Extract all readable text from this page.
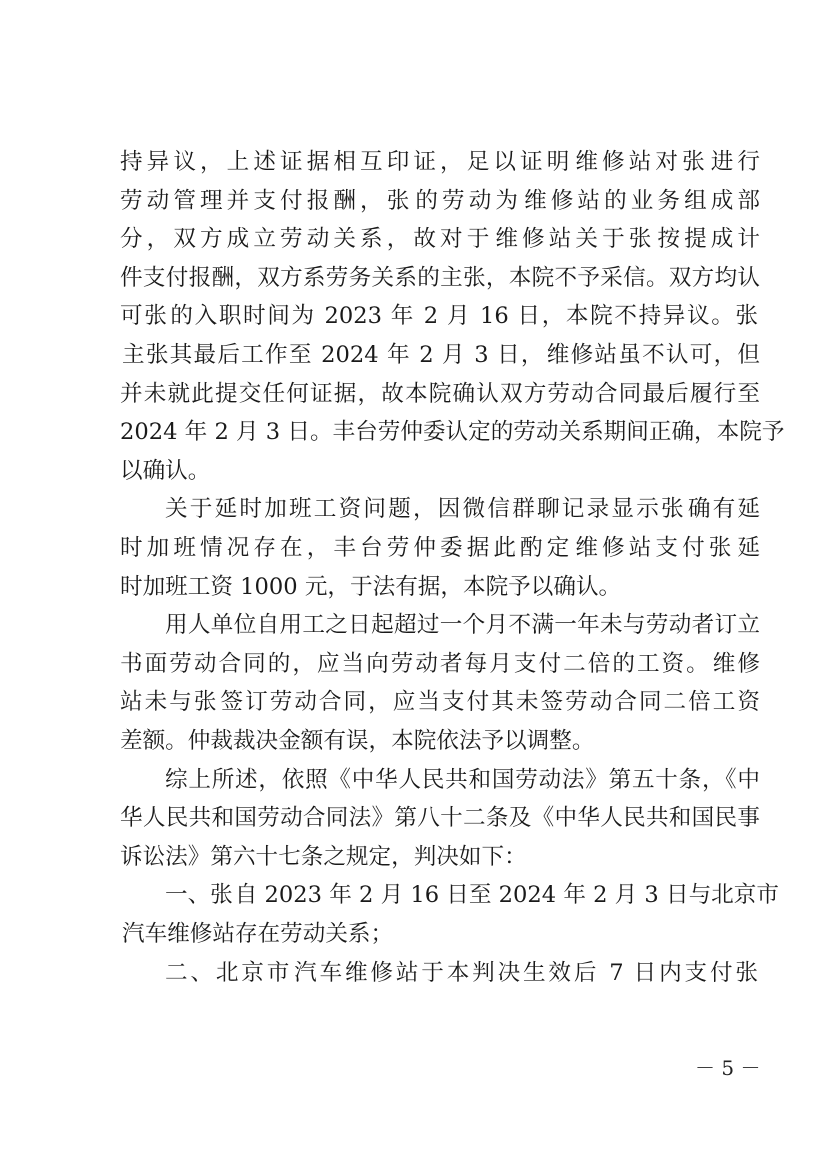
持异议，上述证据相互印证，足以证明维修站对张进行
劳动管理并支付报酬，张的劳动为维修站的业务组成部
分，双方成立劳动关系，故对于维修站关于张按提成计
件支付报酬，双方系劳务关系的主张，本院不予采信。双方均认
可张的入职时间为 2023 年 2 月 16 日，本院不持异议。张
主张其最后工作至 2024 年 2 月 3 日，维修站虽不认可，但
并未就此提交任何证据，故本院确认双方劳动合同最后履行至
2024 年 2 月 3 日。丰台劳仲委认定的劳动关系期间正确，本院予
以确认。
关于延时加班工资问题，因微信群聊记录显示张确有延
时加班情况存在，丰台劳仲委据此酌定维修站支付张延
时加班工资 1000 元，于法有据，本院予以确认。
用人单位自用工之日起超过一个月不满一年未与劳动者订立
书面劳动合同的，应当向劳动者每月支付二倍的工资。维修
站未与张签订劳动合同，应当支付其未签劳动合同二倍工资
差额。仲裁裁决金额有误，本院依法予以调整。
综上所述，依照《中华人民共和国劳动法》第五十条，《中
华人民共和国劳动合同法》第八十二条及《中华人民共和国民事
诉讼法》第六十七条之规定，判决如下：
一、张自 2023 年 2 月 16 日至 2024 年 2 月 3 日与北京市
汽车维修站存在劳动关系；
二、北京市汽车维修站于本判决生效后 7 日内支付张
－ 5 －
